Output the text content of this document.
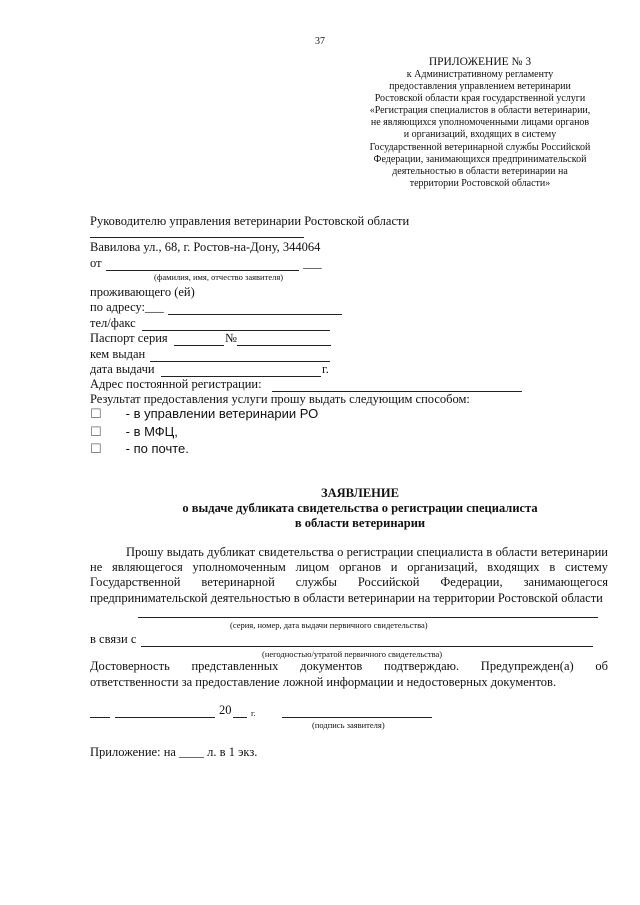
37
ПРИЛОЖЕНИЕ № 3
к Административному регламенту
предоставления управлением ветеринарии
Ростовской области края государственной услуги
«Регистрация специалистов в области ветеринарии,
не являющихся уполномоченными лицами органов
и организаций, входящих в систему
Государственной ветеринарной службы Российской
Федерации, занимающихся предпринимательской
деятельностью в области ветеринарии на
территории Ростовской области»
Руководителю управления ветеринарии Ростовской области
Вавилова ул., 68, г. Ростов-на-Дону, 344064
от	___
(фамилия, имя, отчество заявителя)
проживающего (ей)
по адресу:___
тел/факс
Паспорт серия	№
кем выдан
дата выдачи	г.
Адрес постоянной регистрации:
Результат предоставления услуги прошу выдать следующим способом:
☐ - в управлении ветеринарии РО
☐ - в МФЦ,
☐ - по почте.
ЗАЯВЛЕНИЕ
о выдаче дубликата свидетельства о регистрации специалиста
в области ветеринарии
Прошу выдать дубликат свидетельства о регистрации специалиста в области ветеринарии не являющегося уполномоченным лицом органов и организаций, входящих в систему Государственной ветеринарной службы Российской Федерации, занимающегося предпринимательской деятельностью в области ветеринарии на территории Ростовской области
(серия, номер, дата выдачи первичного свидетельства)
в связи с
(негодностью/утратой первичного свидетельства)
Достоверность представленных документов подтверждаю. Предупрежден(а) об
ответственности за предоставление ложной информации и недостоверных документов.
20 г.
(подпись заявителя)
Приложение: на ____ л. в 1 экз.
